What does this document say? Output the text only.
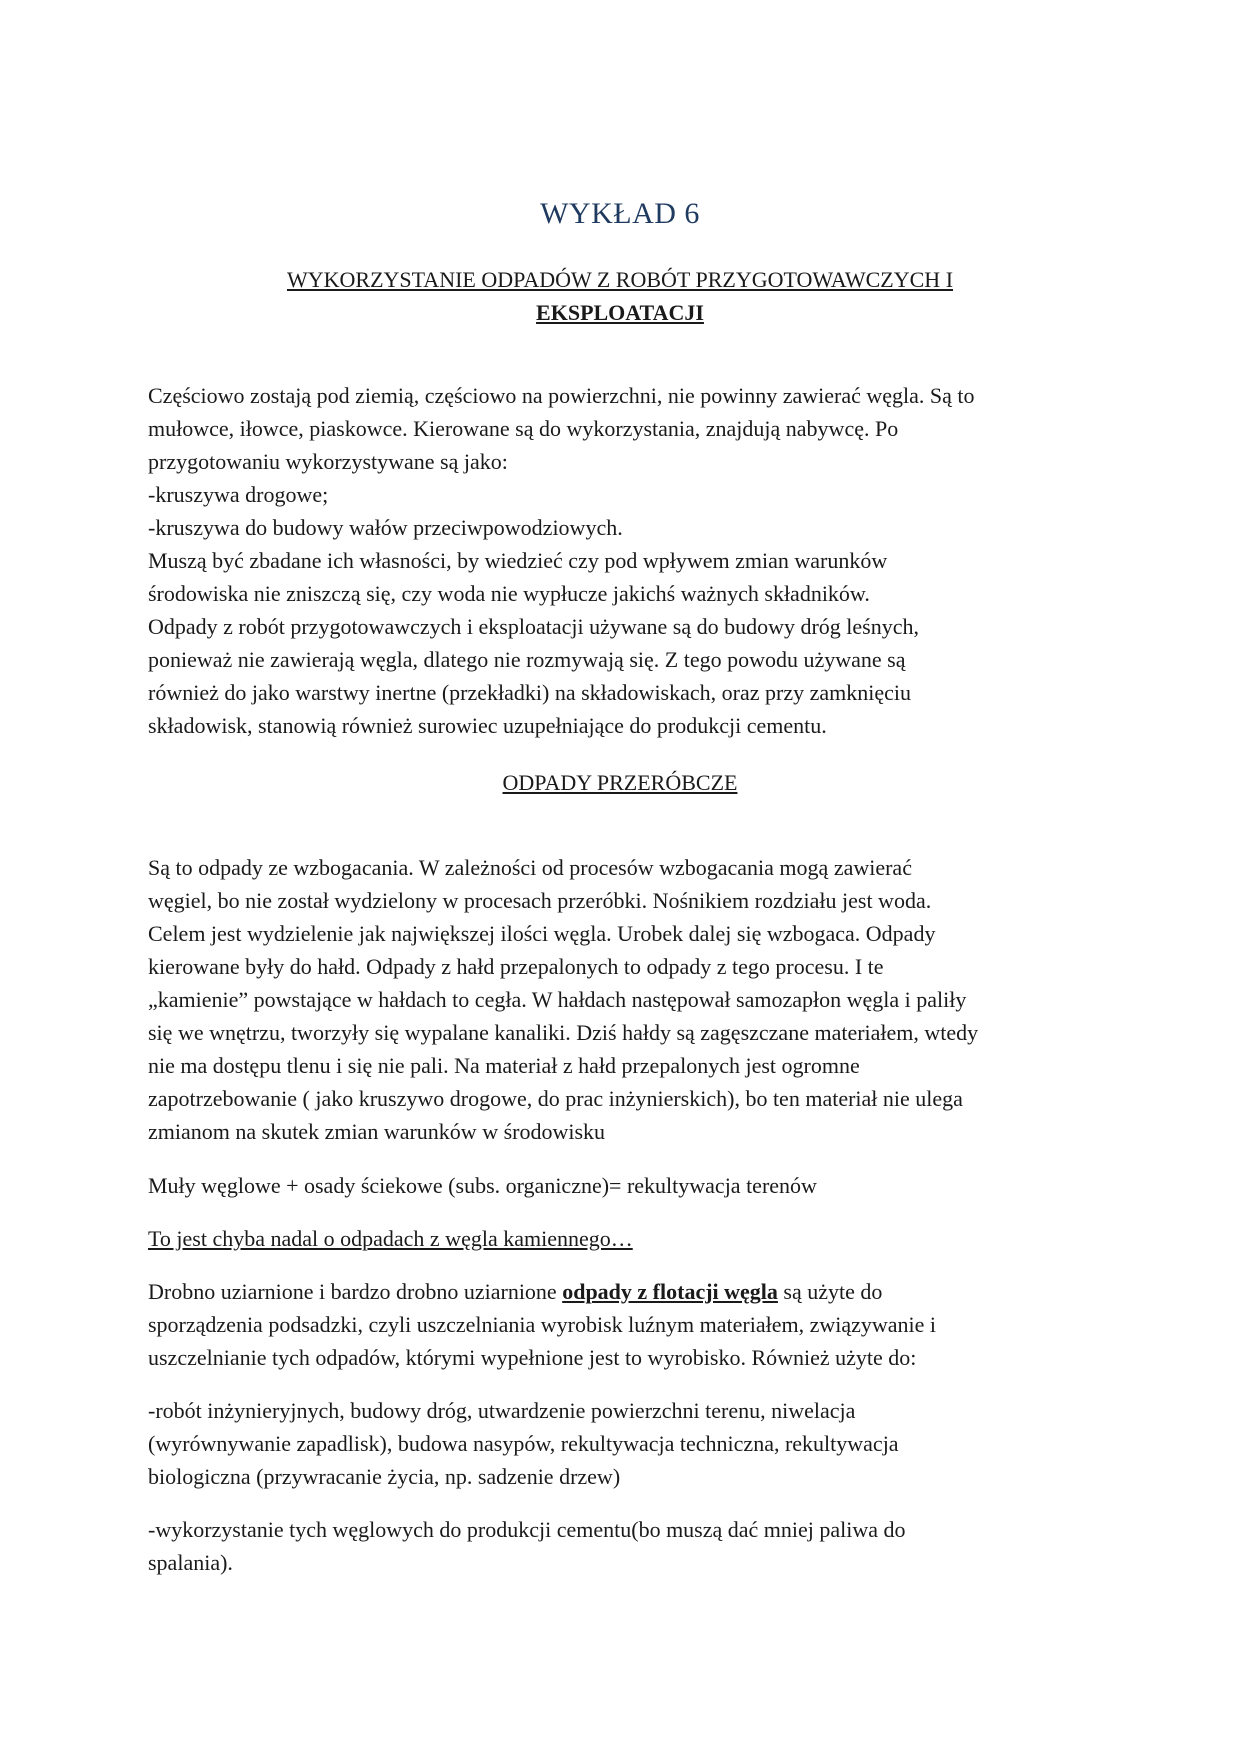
WYKŁAD 6
WYKORZYSTANIE ODPADÓW Z ROBÓT PRZYGOTOWAWCZYCH I
EKSPLOATACJI
Częściowo zostają pod ziemią, częściowo na powierzchni, nie powinny zawierać węgla. Są to
mułowce, iłowce, piaskowce. Kierowane są do wykorzystania, znajdują nabywcę. Po
przygotowaniu wykorzystywane są jako:
-kruszywa drogowe;
-kruszywa do budowy wałów przeciwpowodziowych.
Muszą być zbadane ich własności, by wiedzieć czy pod wpływem zmian warunków
środowiska nie zniszczą się, czy woda nie wypłucze jakichś ważnych składników.
Odpady z robót przygotowawczych i eksploatacji używane są do budowy dróg leśnych,
ponieważ nie zawierają węgla, dlatego nie rozmywają się. Z tego powodu używane są
również do jako warstwy inertne (przekładki) na składowiskach, oraz przy zamknięciu
składowisk, stanowią również surowiec uzupełniające do produkcji cementu.
ODPADY PRZERÓBCZE
Są to odpady ze wzbogacania. W zależności od procesów wzbogacania mogą zawierać
węgiel, bo nie został wydzielony w procesach przeróbki. Nośnikiem rozdziału jest woda.
Celem jest wydzielenie jak największej ilości węgla. Urobek dalej się wzbogaca. Odpady
kierowane były do hałd. Odpady z hałd przepalonych to odpady z tego procesu. I te
„kamienie” powstające w hałdach to cegła. W hałdach następował samozapłon węgla i paliły
się we wnętrzu, tworzyły się wypalane kanaliki. Dziś hałdy są zagęszczane materiałem, wtedy
nie ma dostępu tlenu i się nie pali. Na materiał z hałd przepalonych jest ogromne
zapotrzebowanie ( jako kruszywo drogowe, do prac inżynierskich), bo ten materiał nie ulega
zmianom na skutek zmian warunków w środowisku
Muły węglowe + osady ściekowe (subs. organiczne)= rekultywacja terenów
To jest chyba nadal o odpadach z węgla kamiennego…
Drobno uziarnione i bardzo drobno uziarnione odpady z flotacji węgla są użyte do
sporządzenia podsadzki, czyli uszczelniania wyrobisk luźnym materiałem, związywanie i
uszczelnianie tych odpadów, którymi wypełnione jest to wyrobisko. Również użyte do:
-robót inżynieryjnych, budowy dróg, utwardzenie powierzchni terenu, niwelacja
(wyrównywanie zapadlisk), budowa nasypów, rekultywacja techniczna, rekultywacja
biologiczna (przywracanie życia, np. sadzenie drzew)
-wykorzystanie tych węglowych do produkcji cementu(bo muszą dać mniej paliwa do
spalania).
